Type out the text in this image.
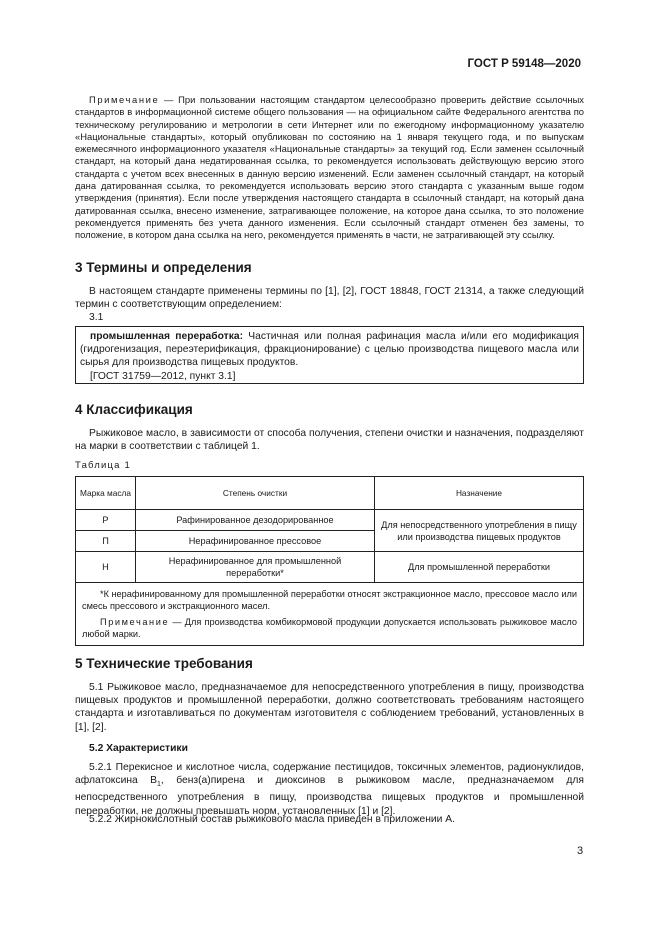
ГОСТ Р 59148—2020

Примечание — При пользовании настоящим стандартом целесообразно проверить действие ссылочных стандартов в информационной системе общего пользования — на официальном сайте Федерального агентства по техническому регулированию и метрологии в сети Интернет или по ежегодному информационному указателю «Национальные стандарты», который опубликован по состоянию на 1 января текущего года, и по выпускам ежемесячного информационного указателя «Национальные стандарты» за текущий год. Если заменен ссылочный стандарт, на который дана недатированная ссылка, то рекомендуется использовать действующую версию этого стандарта с учетом всех внесенных в данную версию изменений. Если заменен ссылочный стандарт, на который дана датированная ссылка, то рекомендуется использовать версию этого стандарта с указанным выше годом утверждения (принятия). Если после утверждения настоящего стандарта в ссылочный стандарт, на который дана датированная ссылка, внесено изменение, затрагивающее положение, на которое дана ссылка, то это положение рекомендуется применять без учета данного изменения. Если ссылочный стандарт отменен без замены, то положение, в котором дана ссылка на него, рекомендуется применять в части, не затрагивающей эту ссылку.

3 Термины и определения

В настоящем стандарте применены термины по [1], [2], ГОСТ 18848, ГОСТ 21314, а также следующий термин с соответствующим определением:

3.1

промышленная переработка: Частичная или полная рафинация масла и/или его модификация (гидрогенизация, переэтерификация, фракционирование) с целью производства пищевого масла или сырья для производства пищевых продуктов.

[ГОСТ 31759—2012, пункт 3.1]
4 Классификация

Рыжиковое масло, в зависимости от способа получения, степени очистки и назначения, подразделяют на марки в соответствии с таблицей 1.

Таблица 1
Марка масла	Степень очистки	Назначение
Р	Рафинированное дезодорированное	Для непосредственного употребления в пищу или производства пищевых продуктов
П	Нерафинированное прессовое	
Н	Нерафинированное для промышленной переработки*	Для промышленной переработки

*К нерафинированному для промышленной переработки относят экстракционное масло, прессовое масло или смесь прессового и экстракционного масел.

Примечание — Для производства комбикормовой продукции допускается использовать рыжиковое масло любой марки.		

5 Технические требования

5.1 Рыжиковое масло, предназначаемое для непосредственного употребления в пищу, производства пищевых продуктов и промышленной переработки, должно соответствовать требованиям настоящего стандарта и изготавливаться по документам изготовителя с соблюдением требований, установленных в [1], [2].

5.2 Характеристики

5.2.1 Перекисное и кислотное числа, содержание пестицидов, токсичных элементов, радионуклидов, афлатоксина $B_1$, бенз(а)пирена и диоксинов в рыжиковом масле, предназначаемом для непосредственного употребления в пищу, производства пищевых продуктов и промышленной переработки, не должны превышать норм, установленных [1] и [2].

5.2.2 Жирнокислотный состав рыжикового масла приведен в приложении А.

3
